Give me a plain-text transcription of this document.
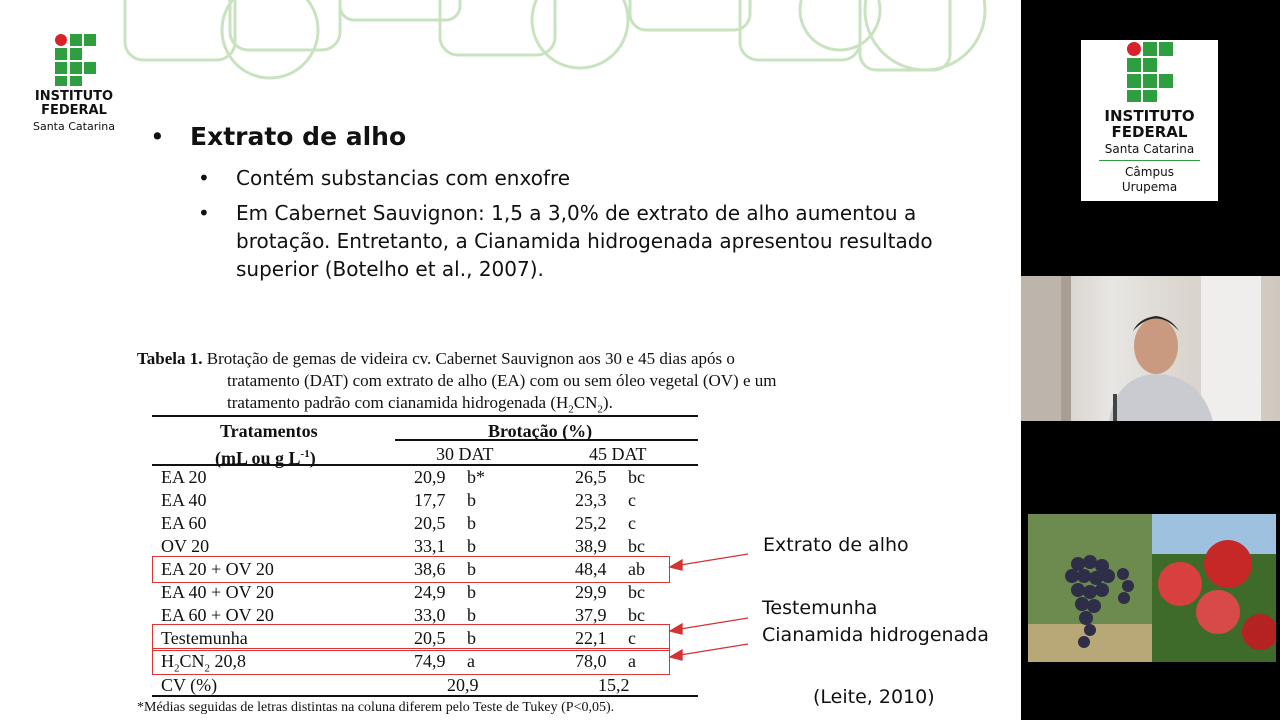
INSTITUTO
FEDERAL
Santa Catarina	• Extrato de alho
• Contém substancias com enxofre
• Em Cabernet Sauvignon: 1,5 a 3,0% de extrato de alho aumentou a brotação. Entretanto, a Cianamida hidrogenada apresentou resultado superior (Botelho et al., 2007).
Tabela 1. Brotação de gemas de videira cv. Cabernet Sauvignon aos 30 e 45 dias após o
tratamento (DAT) com extrato de alho (EA) com ou sem óleo vegetal (OV) e um
tratamento padrão com cianamida hidrogenada $(H_2CN_2)$.
Tratamentos
(mL ou g $L^{-1}$)
Brotação (%)
30 DAT	45 DAT
EA 20	20,9 b*	26,5 bc
EA 40	17,7 b	23,3 c
EA 60	20,5 b	25,2 c
OV 20	33,1 b	38,9 bc
EA 20 + OV 20	38,6 b	48,4 ab
EA 40 + OV 20	24,9 b	29,9 bc
EA 60 + OV 20	33,0 b	37,9 bc
Testemunha	20,5 b	22,1 c
$H_2CN_2$ 20,8	74,9 a	78,0 a
CV (%)	20,9	15,2
*Médias seguidas de letras distintas na coluna diferem pelo Teste de Tukey (P<0,05).
Extrato de alho
Testemunha
Cianamida hidrogenada
(Leite, 2010)
INSTITUTO
FEDERAL
Santa Catarina
Câmpus
Urupema
